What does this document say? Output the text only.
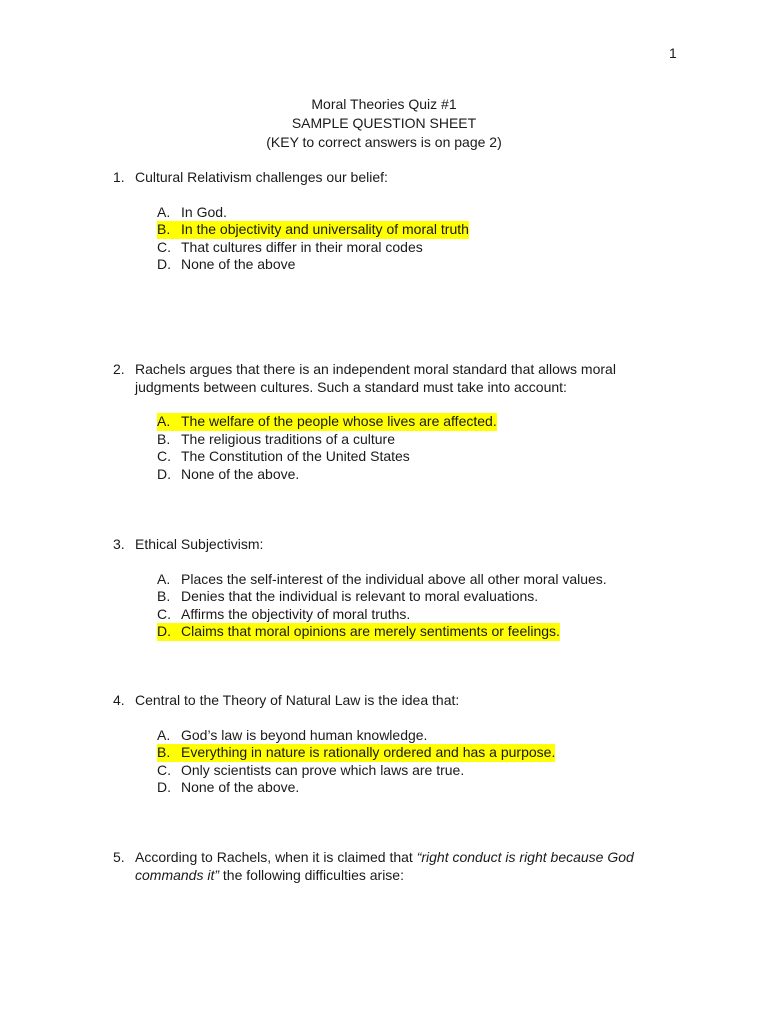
1
Moral Theories Quiz #1
SAMPLE QUESTION SHEET
(KEY to correct answers is on page 2)
1. Cultural Relativism challenges our belief:
A. In God.
B. In the objectivity and universality of moral truth
C. That cultures differ in their moral codes
D. None of the above
2. Rachels argues that there is an independent moral standard that allows moral
judgments between cultures. Such a standard must take into account:
A. The welfare of the people whose lives are affected.
B. The religious traditions of a culture
C. The Constitution of the United States
D. None of the above.
3. Ethical Subjectivism:
A. Places the self-interest of the individual above all other moral values.
B. Denies that the individual is relevant to moral evaluations.
C. Affirms the objectivity of moral truths.
D. Claims that moral opinions are merely sentiments or feelings.
4. Central to the Theory of Natural Law is the idea that:
A. God’s law is beyond human knowledge.
B. Everything in nature is rationally ordered and has a purpose.
C. Only scientists can prove which laws are true.
D. None of the above.
5. According to Rachels, when it is claimed that “right conduct is right because God
commands it” the following difficulties arise:
